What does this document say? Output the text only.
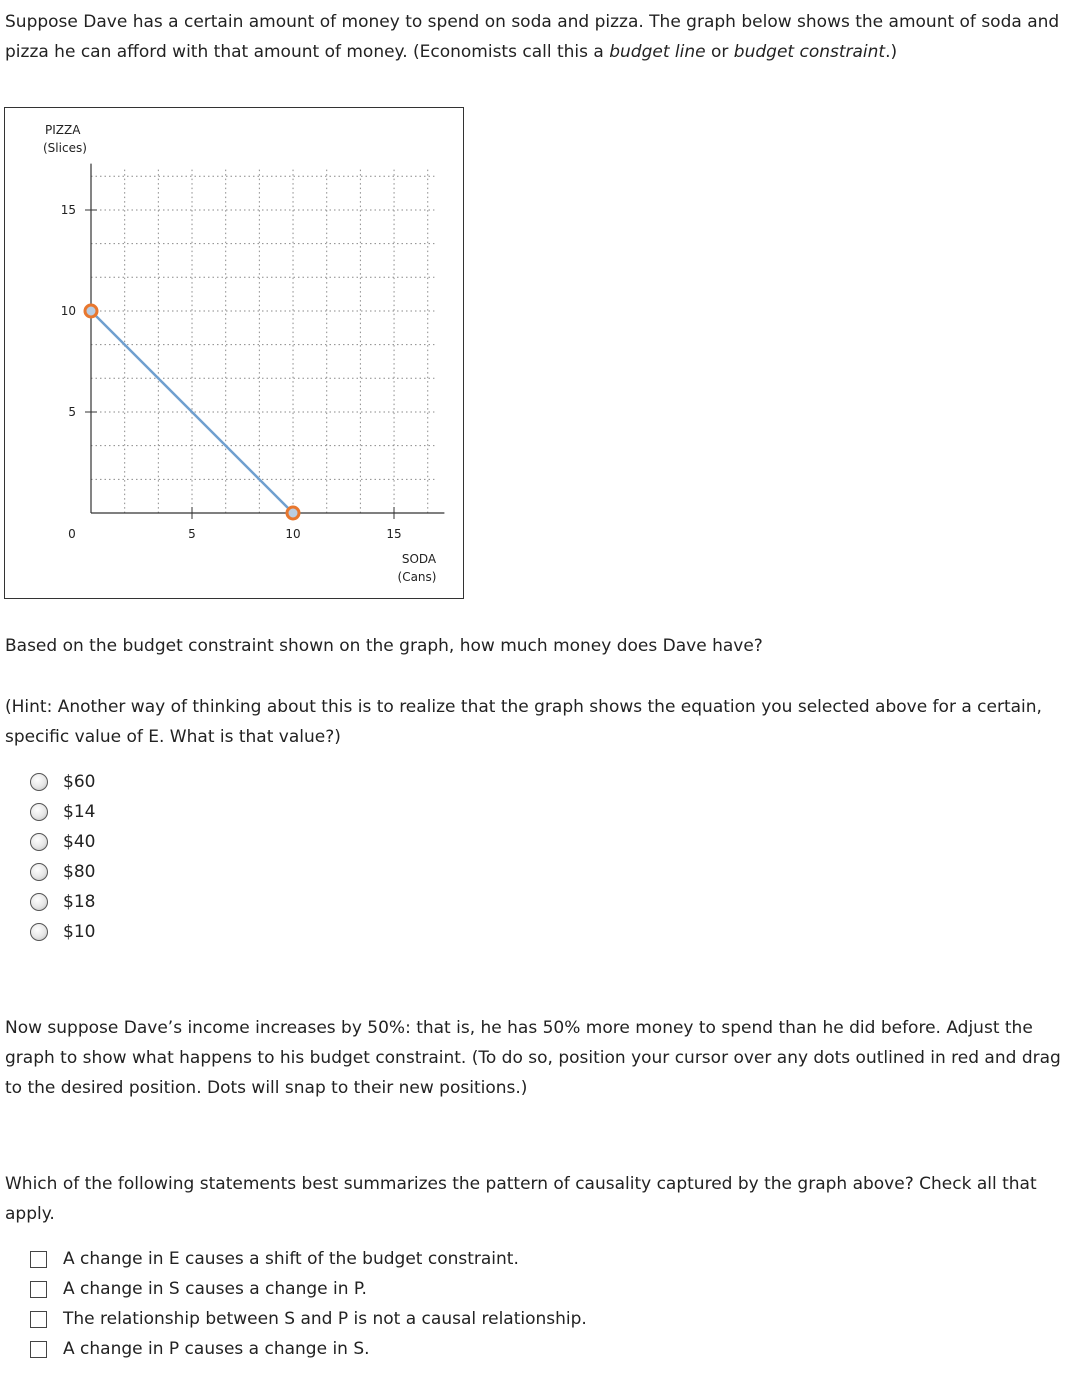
Suppose Dave has a certain amount of money to spend on soda and pizza. The graph below shows the amount of soda and pizza he can afford with that amount of money. (Economists call this a budget line or budget constraint.)

5
10
15
5	10	15
PIZZA
(Slices)
SODA
(Cans)
0

Based on the budget constraint shown on the graph, how much money does Dave have?

(Hint: Another way of thinking about this is to realize that the graph shows the equation you selected above for a certain, specific value of E. What is that value?)

$60
$14
$40
$80
$18
$10

Now suppose Dave’s income increases by 50%: that is, he has 50% more money to spend than he did before. Adjust the graph to show what happens to his budget constraint. (To do so, position your cursor over any dots outlined in red and drag to the desired position. Dots will snap to their new positions.)

Which of the following statements best summarizes the pattern of causality captured by the graph above? Check all that apply.

A change in E causes a shift of the budget constraint.
A change in S causes a change in P.
The relationship between S and P is not a causal relationship.
A change in P causes a change in S.
